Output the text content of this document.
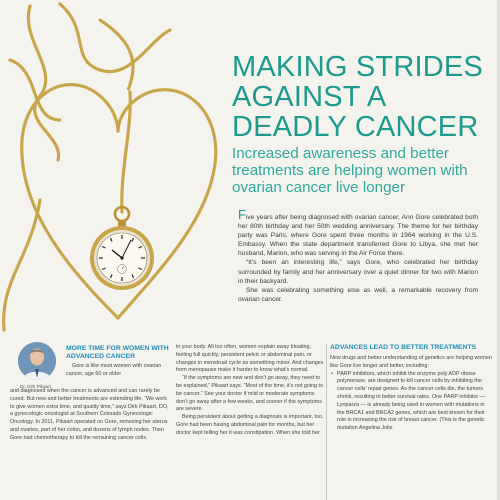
MAKING STRIDES AGAINST A DEADLY CANCER
Increased awareness and better treatments are helping women with ovarian cancer live longer

Five years after being diagnosed with ovarian cancer, Ann Gore celebrated both her 80th birthday and her 50th wedding anniversary. The theme for her birthday party was Paris, where Gore spent three months in 1964 working in the U.S. Embassy. When the state department transferred Gore to Libya, she met her husband, Marion, who was serving in the Air Force there.

“It’s been an interesting life,” says Gore, who celebrated her birthday surrounded by family and her anniversary over a quiet dinner for two with Marion in their backyard.

She was celebrating something else as well, a remarkable recovery from ovarian cancer.

Dr. Dirk Pikaart
MORE TIME FOR WOMEN WITH ADVANCED CANCER

Gore is like most women with ovarian cancer, age 60 or older

and diagnosed when the cancer is advanced and can rarely be cured. But new and better treatments are extending life. “We work to give women extra time, and quality time,” says Dirk Pikaart, DO, a gynecologic oncologist at Southern Colorado Gynecologic Oncology. In 2011, Pikaart operated on Gore, removing her uterus and ovaries, part of her colon, and dozens of lymph nodes. Then Gore had chemotherapy to kill the remaining cancer cells.

in your body. All too often, women explain away bloating, feeling full quickly, persistent pelvic or abdominal pain, or changes in menstrual cycle as something minor. And changes from menopause make it harder to know what’s normal.

“If the symptoms are new and don’t go away, they need to be explained,” Pikaart says. “Most of the time, it’s not going to be cancer.” See your doctor if mild or moderate symptoms don’t go away after a few weeks, and sooner if the symptoms are severe.

Being persistent about getting a diagnosis is important, too. Gore had been having abdominal pain for months, but her doctor kept telling her it was constipation. When she told her

ADVANCES LEAD TO BETTER TREATMENTS

New drugs and better understanding of genetics are helping women like Gore live longer and better, including:

• PARP inhibitors, which inhibit the enzyme poly ADP ribose polymerase, are designed to kill cancer cells by inhibiting the cancer cells’ repair genes. As the cancer cells die, the tumors shrink, resulting in better survival rates. One PARP inhibitor — Lynparza — is already being used in women with mutations in the BRCA1 and BRCA2 genes, which are best known for their role in increasing the risk of breast cancer. (This is the genetic mutation Angelina Jolie
